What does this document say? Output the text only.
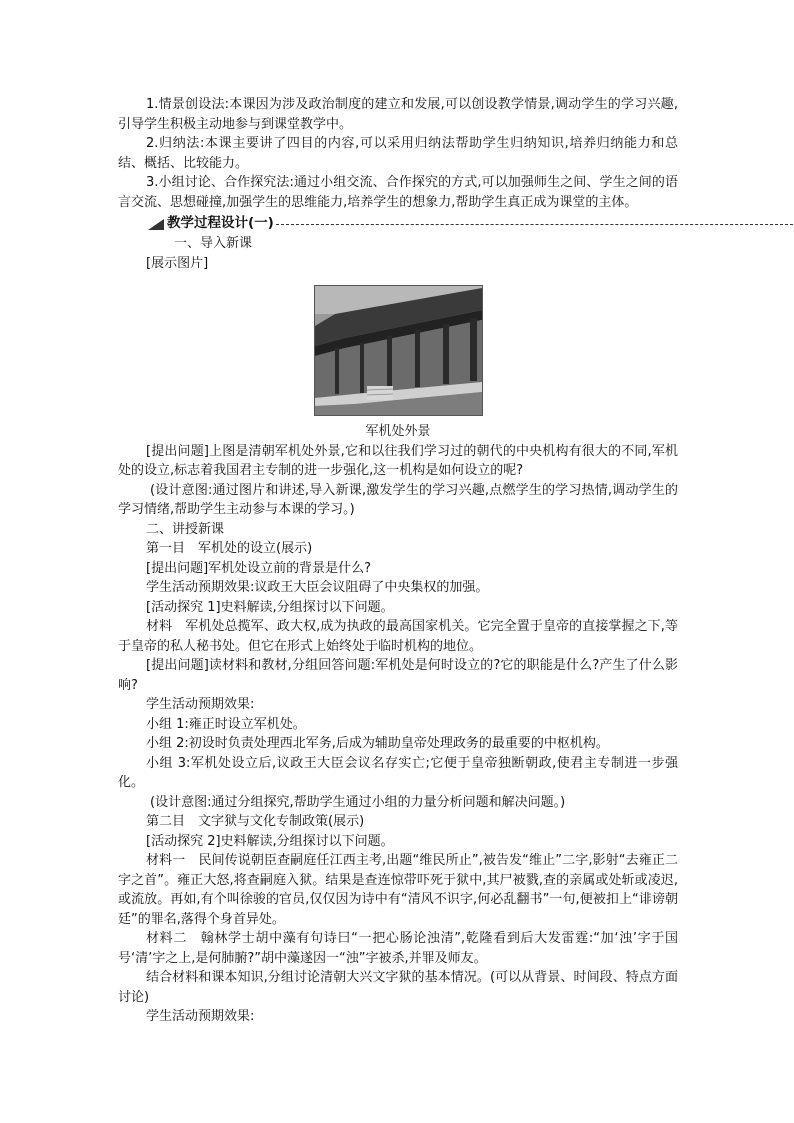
1.情景创设法:本课因为涉及政治制度的建立和发展,可以创设教学情景,调动学生的学习兴趣,引导学生积极主动地参与到课堂教学中。

2.归纳法:本课主要讲了四目的内容,可以采用归纳法帮助学生归纳知识,培养归纳能力和总结、概括、比较能力。

3.小组讨论、合作探究法:通过小组交流、合作探究的方式,可以加强师生之间、学生之间的语言交流、思想碰撞,加强学生的思维能力,培养学生的想象力,帮助学生真正成为课堂的主体。

教学过程设计(一)

一、导入新课

[展示图片]

军机处外景

[提出问题]上图是清朝军机处外景,它和以往我们学习过的朝代的中央机构有很大的不同,军机处的设立,标志着我国君主专制的进一步强化,这一机构是如何设立的呢?

(设计意图:通过图片和讲述,导入新课,激发学生的学习兴趣,点燃学生的学习热情,调动学生的学习情绪,帮助学生主动参与本课的学习。)

二、讲授新课

第一目　军机处的设立(展示)

[提出问题]军机处设立前的背景是什么?

学生活动预期效果:议政王大臣会议阻碍了中央集权的加强。

[活动探究 1]史料解读,分组探讨以下问题。

材料　军机处总揽军、政大权,成为执政的最高国家机关。它完全置于皇帝的直接掌握之下,等于皇帝的私人秘书处。但它在形式上始终处于临时机构的地位。

[提出问题]读材料和教材,分组回答问题:军机处是何时设立的?它的职能是什么?产生了什么影响?

学生活动预期效果:

小组 1:雍正时设立军机处。

小组 2:初设时负责处理西北军务,后成为辅助皇帝处理政务的最重要的中枢机构。

小组 3:军机处设立后,议政王大臣会议名存实亡;它便于皇帝独断朝政,使君主专制进一步强化。

(设计意图:通过分组探究,帮助学生通过小组的力量分析问题和解决问题。)

第二目　文字狱与文化专制政策(展示)

[活动探究 2]史料解读,分组探讨以下问题。

材料一　民间传说朝臣查嗣庭任江西主考,出题“维民所止”,被告发“维止”二字,影射“去雍正二字之首”。雍正大怒,将查嗣庭入狱。结果是查连惊带吓死于狱中,其尸被戮,查的亲属或处斩或凌迟,或流放。再如,有个叫徐骏的官员,仅仅因为诗中有“清风不识字,何必乱翻书”一句,便被扣上“诽谤朝廷”的罪名,落得个身首异处。

材料二　翰林学士胡中藻有句诗曰“一把心肠论浊清”,乾隆看到后大发雷霆:“加‘浊’字于国号‘清’字之上,是何肺腑?”胡中藻遂因一“浊”字被杀,并罪及师友。

结合材料和课本知识,分组讨论清朝大兴文字狱的基本情况。(可以从背景、时间段、特点方面讨论)

学生活动预期效果:
